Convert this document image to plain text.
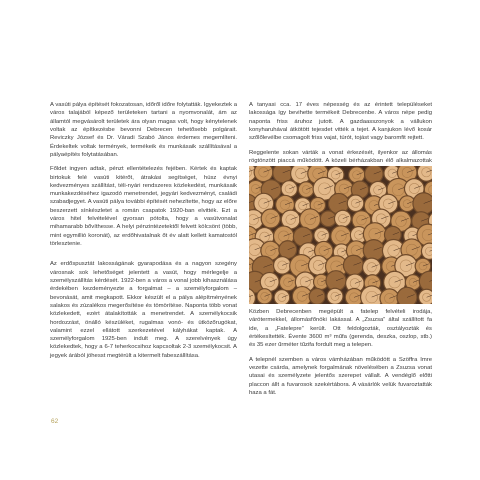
A vasúti pálya építését fokozatosan, időről időre folytatták. Igyekeztek a város talajából képező területeken tartani a nyomvonalát, ám az államtól megvásárolt területek ára olyan magas volt, hogy kénytelenek voltak az építkezésbe bevonni Debrecen tehetősebb polgárait. Reviczky József és Dr. Váradi Szabó János érdemes megemlíteni. Érdekeltek voltak termények, termékeik és munkásaik szállításával a pályaépítés folytatásában.

Főldet ingyen adtak, pénzt ellentételezés fejében. Kértek és kaptak birtokuk felé vasúti kitérőt, átrakási segítséget, húsz évnyi kedvezményes szállítást, téli-nyári rendszeres közlekedést, munkásaik munkakezdéséhez igazodó menetrendet, jegyári kedvezményt, családi szabadjegyet. A vasúti pálya további építését nehezítette, hogy az előre beszerzett sínkészletet a román csapatok 1920-ban elvitték. Ezt a város hitel felvételével gyorsan pótolta, hogy a vasútvonalat mihamarabb bővíthesse. A helyi pénzintézetektől felvett kölcsönt (több, mint egymillió koronát), az erdőhivatalnak őt év alatt kellett kamatostól törlesztenie.

Az erdőspusztát lakosságának gyarapodása és a nagyon szegény városnak sok lehetőséget jelentett a vasút, hogy mérlegelje a személyszállítás kérdését. 1922-ben a város a vonal jobb kihasználása érdekében kezdeményezte a forgalmat – a személyforgalom – bevonását, amit megkapott. Ekkor készült el a pálya alépítményének salakos és zúzalékos megerősítése és tömörítése. Naponta több vonat közlekedett, ezért átalakították a menetrendet. A személykocsik hordozzást, önálló készüléket, rugalmas vonó- és ütközőrugókat, valamint ezzel ellátott szerkezetével kályhákat kaptak. A személyforgalom 1925-ben indult meg. A szerelvények úgy közlekedtek, hogy a 6-7 teherkocsihoz kapcsoltak 2-3 személykocsit. A jegyek árából jöhesst megtérült a kitermelt fabeszállítása.

A tanyasi cca. 17 éves népesség és az érintett településeket lakossága így bevihette termékeit Debrecenbe. A város népe pedig naponta friss áruhoz jutott. A gazdaasszonyok a vállukon konyharuhával átkötött tejesdet vitték a tejet. A kanjukon lévő kosár szőlőlevélbe csomagolt friss vajat, túrót, tojást vagy baromfit rejtett.

Reggelente sokan várták a vonat érkezését, ilyenkor az állomás rögtönzött piaccá működött. A közeli bérházakban élő alkalmazottak

Közben Debrecenben megépült a fatelep felvételi irodája, várótermekkel, állomásfőnöki lakással. A „Zsuzsa” által szállított fa ide, a „Fatelepre” került. Ott feldolgozták, osztályozták és értékesítették. Évente 3600 m³ műfa (gerenda, deszka, oszlop, stb.) és 35 ezer űrméter tűzifa fordult meg a telepen.

A telepnél szemben a város vámházában működött a Szöffra Imre vezette csárda, amelynek forgalmának növelésében a Zsuzsa vonat utasai és személyzete jelentős szerepet vállalt. A vendéglő előtti placcon állt a fuvarosok szekértábora. A vásárlók velük fuvaroztatták haza a fát.

62
